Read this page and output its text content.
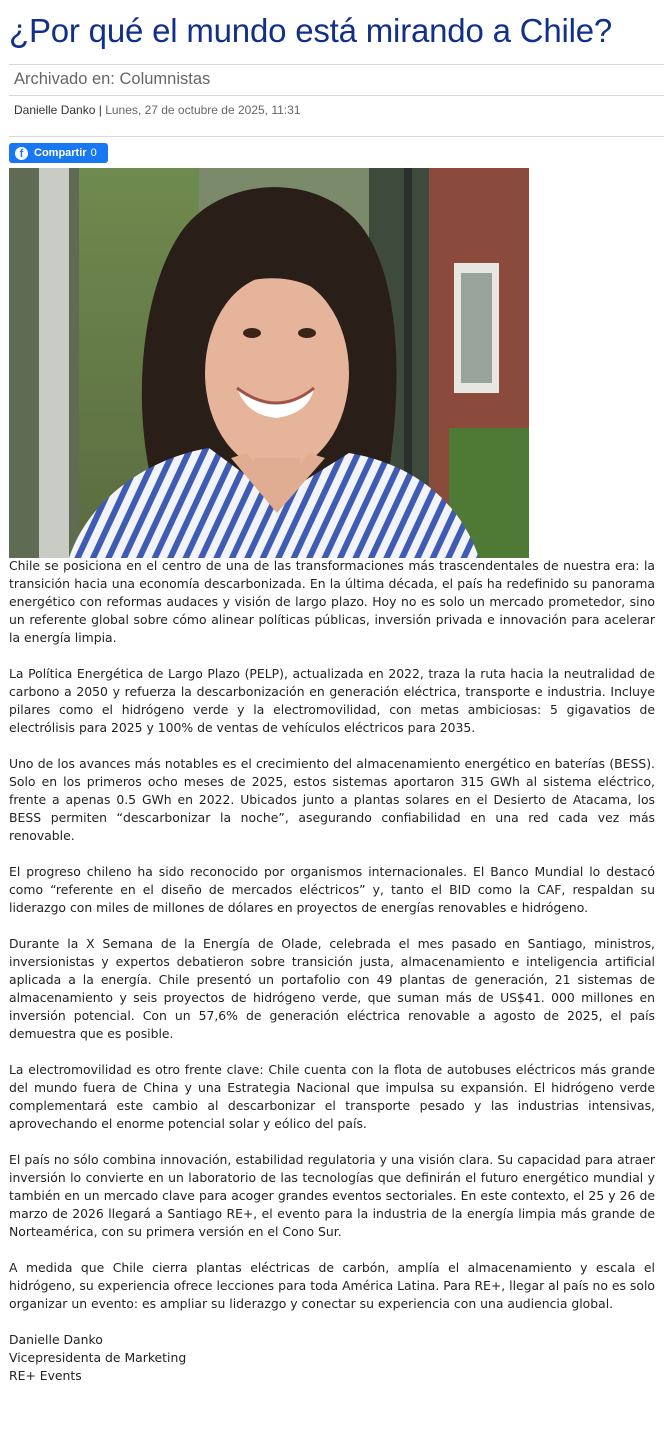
¿Por qué el mundo está mirando a Chile?
Archivado en: Columnistas
Danielle Danko | Lunes, 27 de octubre de 2025, 11:31
f Compartir 0

Chile se posiciona en el centro de una de las transformaciones más trascendentales de nuestra era: la transición hacia una economía descarbonizada. En la última década, el país ha redefinido su panorama energético con reformas audaces y visión de largo plazo. Hoy no es solo un mercado prometedor, sino un referente global sobre cómo alinear políticas públicas, inversión privada e innovación para acelerar la energía limpia.

La Política Energética de Largo Plazo (PELP), actualizada en 2022, traza la ruta hacia la neutralidad de carbono a 2050 y refuerza la descarbonización en generación eléctrica, transporte e industria. Incluye pilares como el hidrógeno verde y la electromovilidad, con metas ambiciosas: 5 gigavatios de electrólisis para 2025 y 100% de ventas de vehículos eléctricos para 2035.

Uno de los avances más notables es el crecimiento del almacenamiento energético en baterías (BESS). Solo en los primeros ocho meses de 2025, estos sistemas aportaron 315 GWh al sistema eléctrico, frente a apenas 0.5 GWh en 2022. Ubicados junto a plantas solares en el Desierto de Atacama, los BESS permiten “descarbonizar la noche”, asegurando confiabilidad en una red cada vez más renovable.

El progreso chileno ha sido reconocido por organismos internacionales. El Banco Mundial lo destacó como “referente en el diseño de mercados eléctricos” y, tanto el BID como la CAF, respaldan su liderazgo con miles de millones de dólares en proyectos de energías renovables e hidrógeno.

Durante la X Semana de la Energía de Olade, celebrada el mes pasado en Santiago, ministros, inversionistas y expertos debatieron sobre transición justa, almacenamiento e inteligencia artificial aplicada a la energía. Chile presentó un portafolio con 49 plantas de generación, 21 sistemas de almacenamiento y seis proyectos de hidrógeno verde, que suman más de US$41. 000 millones en inversión potencial. Con un 57,6% de generación eléctrica renovable a agosto de 2025, el país demuestra que es posible.

La electromovilidad es otro frente clave: Chile cuenta con la flota de autobuses eléctricos más grande del mundo fuera de China y una Estrategia Nacional que impulsa su expansión. El hidrógeno verde complementará este cambio al descarbonizar el transporte pesado y las industrias intensivas, aprovechando el enorme potencial solar y eólico del país.

El país no sólo combina innovación, estabilidad regulatoria y una visión clara. Su capacidad para atraer inversión lo convierte en un laboratorio de las tecnologías que definirán el futuro energético mundial y también en un mercado clave para acoger grandes eventos sectoriales. En este contexto, el 25 y 26 de marzo de 2026 llegará a Santiago RE+, el evento para la industria de la energía limpia más grande de Norteamérica, con su primera versión en el Cono Sur.

A medida que Chile cierra plantas eléctricas de carbón, amplía el almacenamiento y escala el hidrógeno, su experiencia ofrece lecciones para toda América Latina. Para RE+, llegar al país no es solo organizar un evento: es ampliar su liderazgo y conectar su experiencia con una audiencia global.

Danielle Danko
Vicepresidenta de Marketing
RE+ Events
